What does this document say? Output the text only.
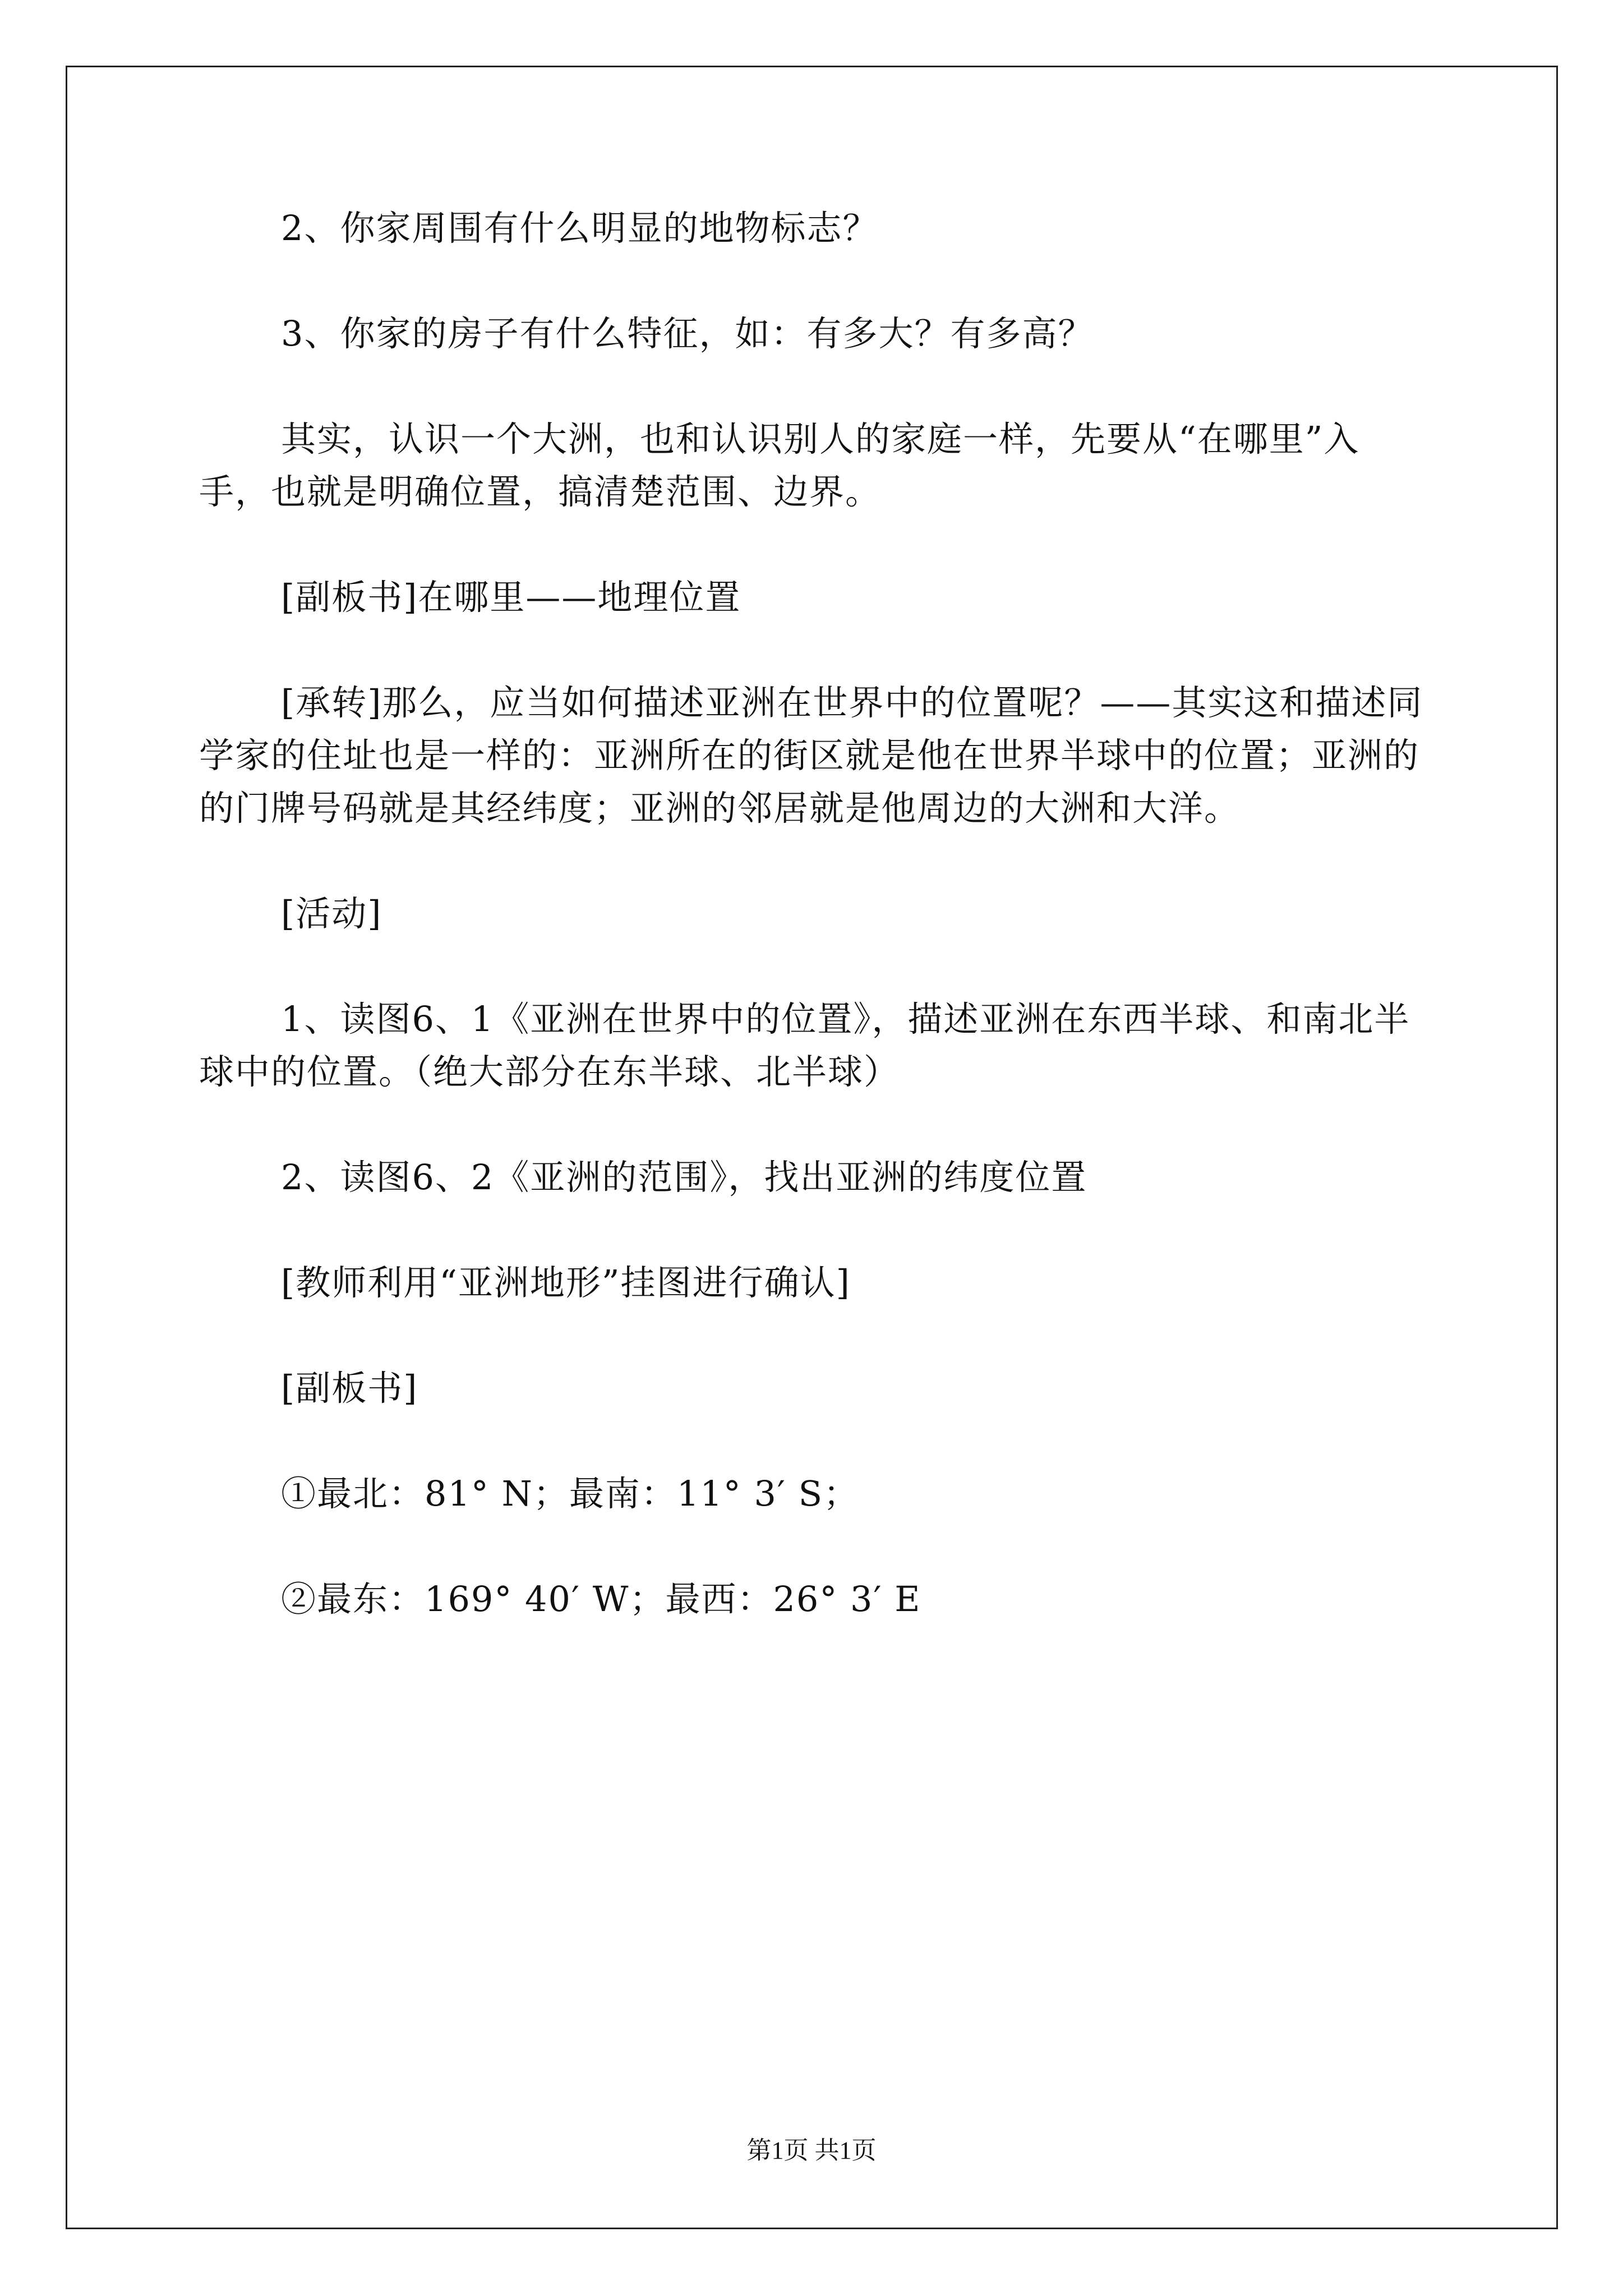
2、你家周围有什么明显的地物标志？

3、你家的房子有什么特征，如：有多大？有多高？

其实，认识一个大洲，也和认识别人的家庭一样，先要从“在哪里”入手，也就是明确位置，搞清楚范围、边界。

[副板书]在哪里——地理位置

[承转]那么，应当如何描述亚洲在世界中的位置呢？——其实这和描述同学家的住址也是一样的：亚洲所在的街区就是他在世界半球中的位置；亚洲的的门牌号码就是其经纬度；亚洲的邻居就是他周边的大洲和大洋。

[活动]

1、读图6、1《亚洲在世界中的位置》，描述亚洲在东西半球、和南北半球中的位置。（绝大部分在东半球、北半球）

2、读图6、2《亚洲的范围》，找出亚洲的纬度位置

[教师利用“亚洲地形”挂图进行确认]

[副板书]

①最北：81° N；最南：11° 3′ S；

②最东：169° 40′ W；最西：26° 3′ E

第1页 共1页
